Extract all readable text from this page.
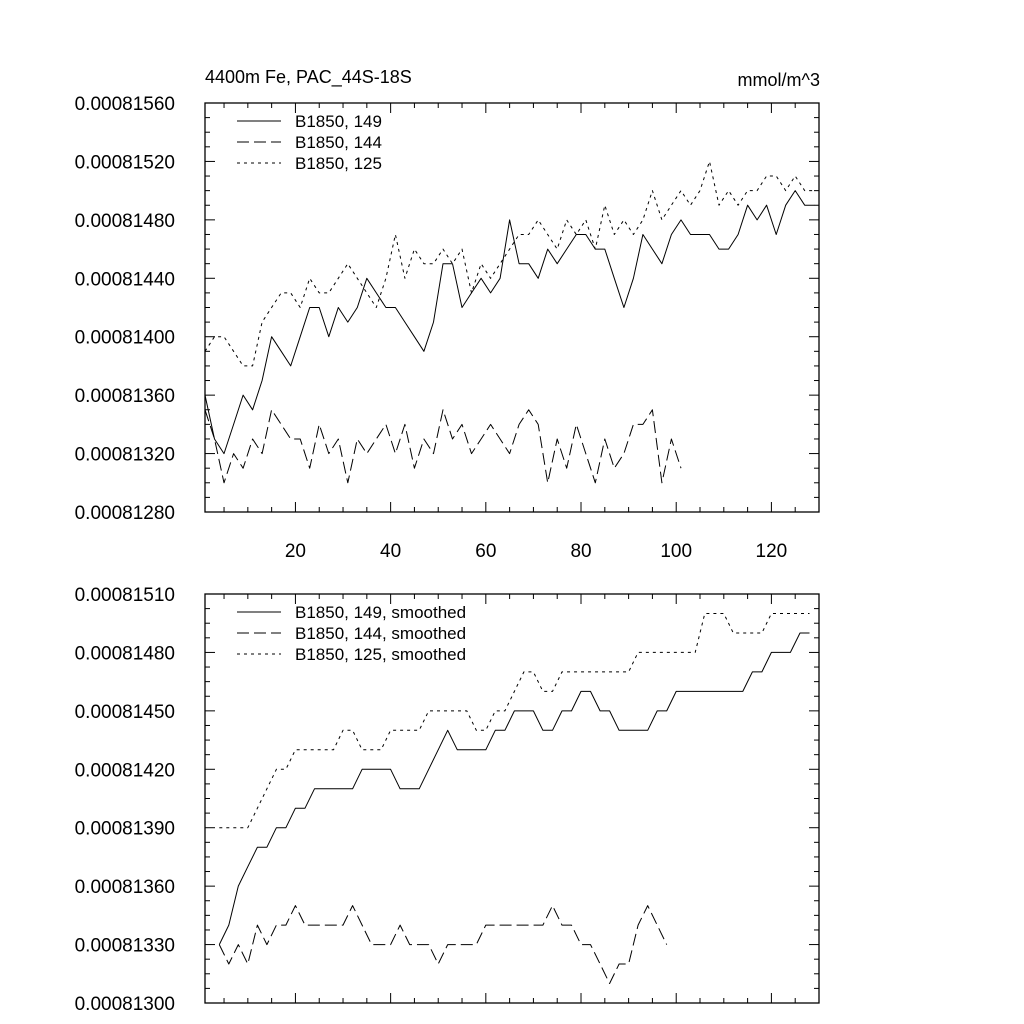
4400m Fe, PAC_44S-18S	mmol/m^3
0.00081280
0.00081320
0.00081360
0.00081400
0.00081440
0.00081480
0.00081520
0.00081560
20	40	60	80	100	120
B1850, 149
B1850, 144
B1850, 125
0.00081300
0.00081330
0.00081360
0.00081390
0.00081420
0.00081450
0.00081480
0.00081510
B1850, 149, smoothed
B1850, 144, smoothed
B1850, 125, smoothed
